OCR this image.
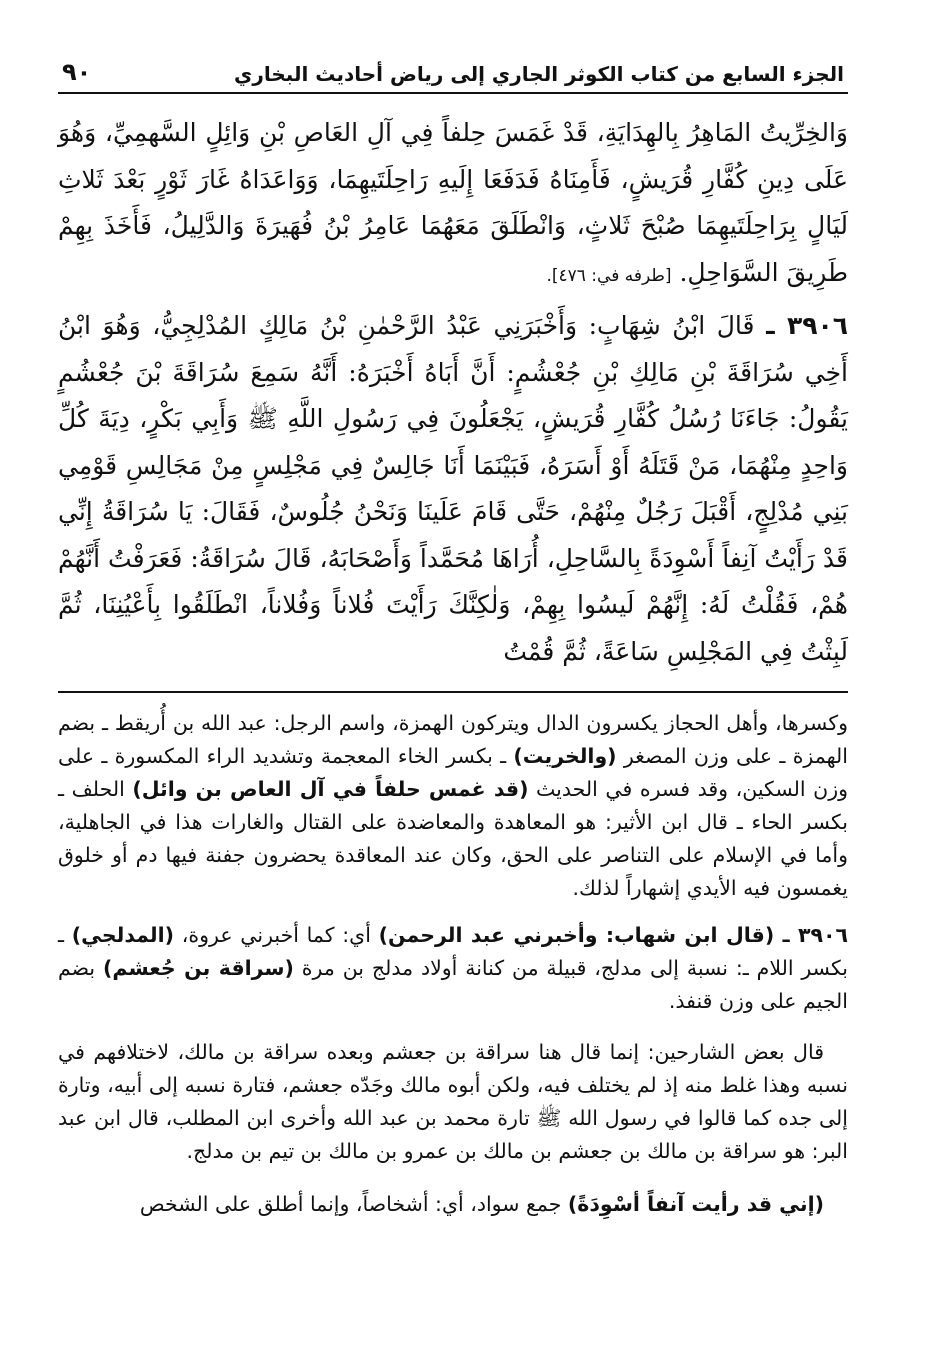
الجزء السابع من كتاب الكوثر الجاري إلى رياض أحاديث البخاري
٩٠

وَالخِرِّيتُ المَاهِرُ بِالهِدَايَةِ، قَدْ غَمَسَ حِلفاً فِي آلِ العَاصِ بْنِ وَائِلٍ السَّهمِيِّ، وَهُوَ عَلَى دِينِ كُفَّارِ قُرَيشٍ، فَأَمِنَاهُ فَدَفَعَا إِلَيهِ رَاحِلَتَيهِمَا، وَوَاعَدَاهُ غَارَ ثَوْرٍ بَعْدَ ثَلاثِ لَيَالٍ بِرَاحِلَتَيهِمَا صُبْحَ ثَلاثٍ، وَانْطَلَقَ مَعَهُمَا عَامِرُ بْنُ فُهَيرَةَ وَالدَّلِيلُ، فَأَخَذَ بِهِمْ طَرِيقَ السَّوَاحِلِ. [طرفه في: ٤٧٦].

٣٩٠٦ ـ قَالَ ابْنُ شِهَابٍ: وَأَخْبَرَنِي عَبْدُ الرَّحْمٰنِ بْنُ مَالِكٍ المُدْلِجِيُّ، وَهُوَ ابْنُ أَخِي سُرَاقَةَ بْنِ مَالِكِ بْنِ جُعْشُمٍ: أَنَّ أَبَاهُ أَخْبَرَهُ: أَنَّهُ سَمِعَ سُرَاقَةَ بْنَ جُعْشُمٍ يَقُولُ: جَاءَنَا رُسُلُ كُفَّارِ قُرَيشٍ، يَجْعَلُونَ فِي رَسُولِ اللَّهِ ﷺ وَأَبِي بَكْرٍ، دِيَةَ كُلِّ وَاحِدٍ مِنْهُمَا، مَنْ قَتَلَهُ أَوْ أَسَرَهُ، فَبَيْنَمَا أَنَا جَالِسٌ فِي مَجْلِسٍ مِنْ مَجَالِسِ قَوْمِي بَنِي مُدْلِجٍ، أَقْبَلَ رَجُلٌ مِنْهُمْ، حَتَّى قَامَ عَلَينَا وَنَحْنُ جُلُوسٌ، فَقَالَ: يَا سُرَاقَةُ إِنِّي قَدْ رَأَيْتُ آنِفاً أَسْوِدَةً بِالسَّاحِلِ، أُرَاهَا مُحَمَّداً وَأَصْحَابَهُ، قَالَ سُرَاقَةُ: فَعَرَفْتُ أَنَّهُمْ هُمْ، فَقُلْتُ لَهُ: إِنَّهُمْ لَيسُوا بِهِمْ، وَلٰكِنَّكَ رَأَيْتَ فُلاناً وَفُلاناً، انْطَلَقُوا بِأَعْيُنِنَا، ثُمَّ لَبِثْتُ فِي المَجْلِسِ سَاعَةً، ثُمَّ قُمْتُ

وكسرها، وأهل الحجاز يكسرون الدال ويتركون الهمزة، واسم الرجل: عبد الله بن أُريقط ـ بضم الهمزة ـ على وزن المصغر (والخريت) ـ بكسر الخاء المعجمة وتشديد الراء المكسورة ـ على وزن السكين، وقد فسره في الحديث (قد غمس حلفاً في آل العاص بن وائل) الحلف ـ بكسر الحاء ـ قال ابن الأثير: هو المعاهدة والمعاضدة على القتال والغارات هذا في الجاهلية، وأما في الإسلام على التناصر على الحق، وكان عند المعاقدة يحضرون جفنة فيها دم أو خلوق يغمسون فيه الأيدي إشهاراً لذلك.

٣٩٠٦ ـ (قال ابن شهاب: وأخبرني عبد الرحمن) أي: كما أخبرني عروة، (المدلجي) ـ بكسر اللام ـ: نسبة إلى مدلج، قبيلة من كنانة أولاد مدلج بن مرة (سراقة بن جُعشم) بضم الجيم على وزن قنفذ.

قال بعض الشارحين: إنما قال هنا سراقة بن جعشم وبعده سراقة بن مالك، لاختلافهم في نسبه وهذا غلط منه إذ لم يختلف فيه، ولكن أبوه مالك وجَدّه جعشم، فتارة نسبه إلى أبيه، وتارة إلى جده كما قالوا في رسول الله ﷺ تارة محمد بن عبد الله وأخرى ابن المطلب، قال ابن عبد البر: هو سراقة بن مالك بن جعشم بن مالك بن عمرو بن مالك بن تيم بن مدلج.

(إني قد رأيت آنفاً أسْوِدَةً) جمع سواد، أي: أشخاصاً، وإنما أطلق على الشخص
